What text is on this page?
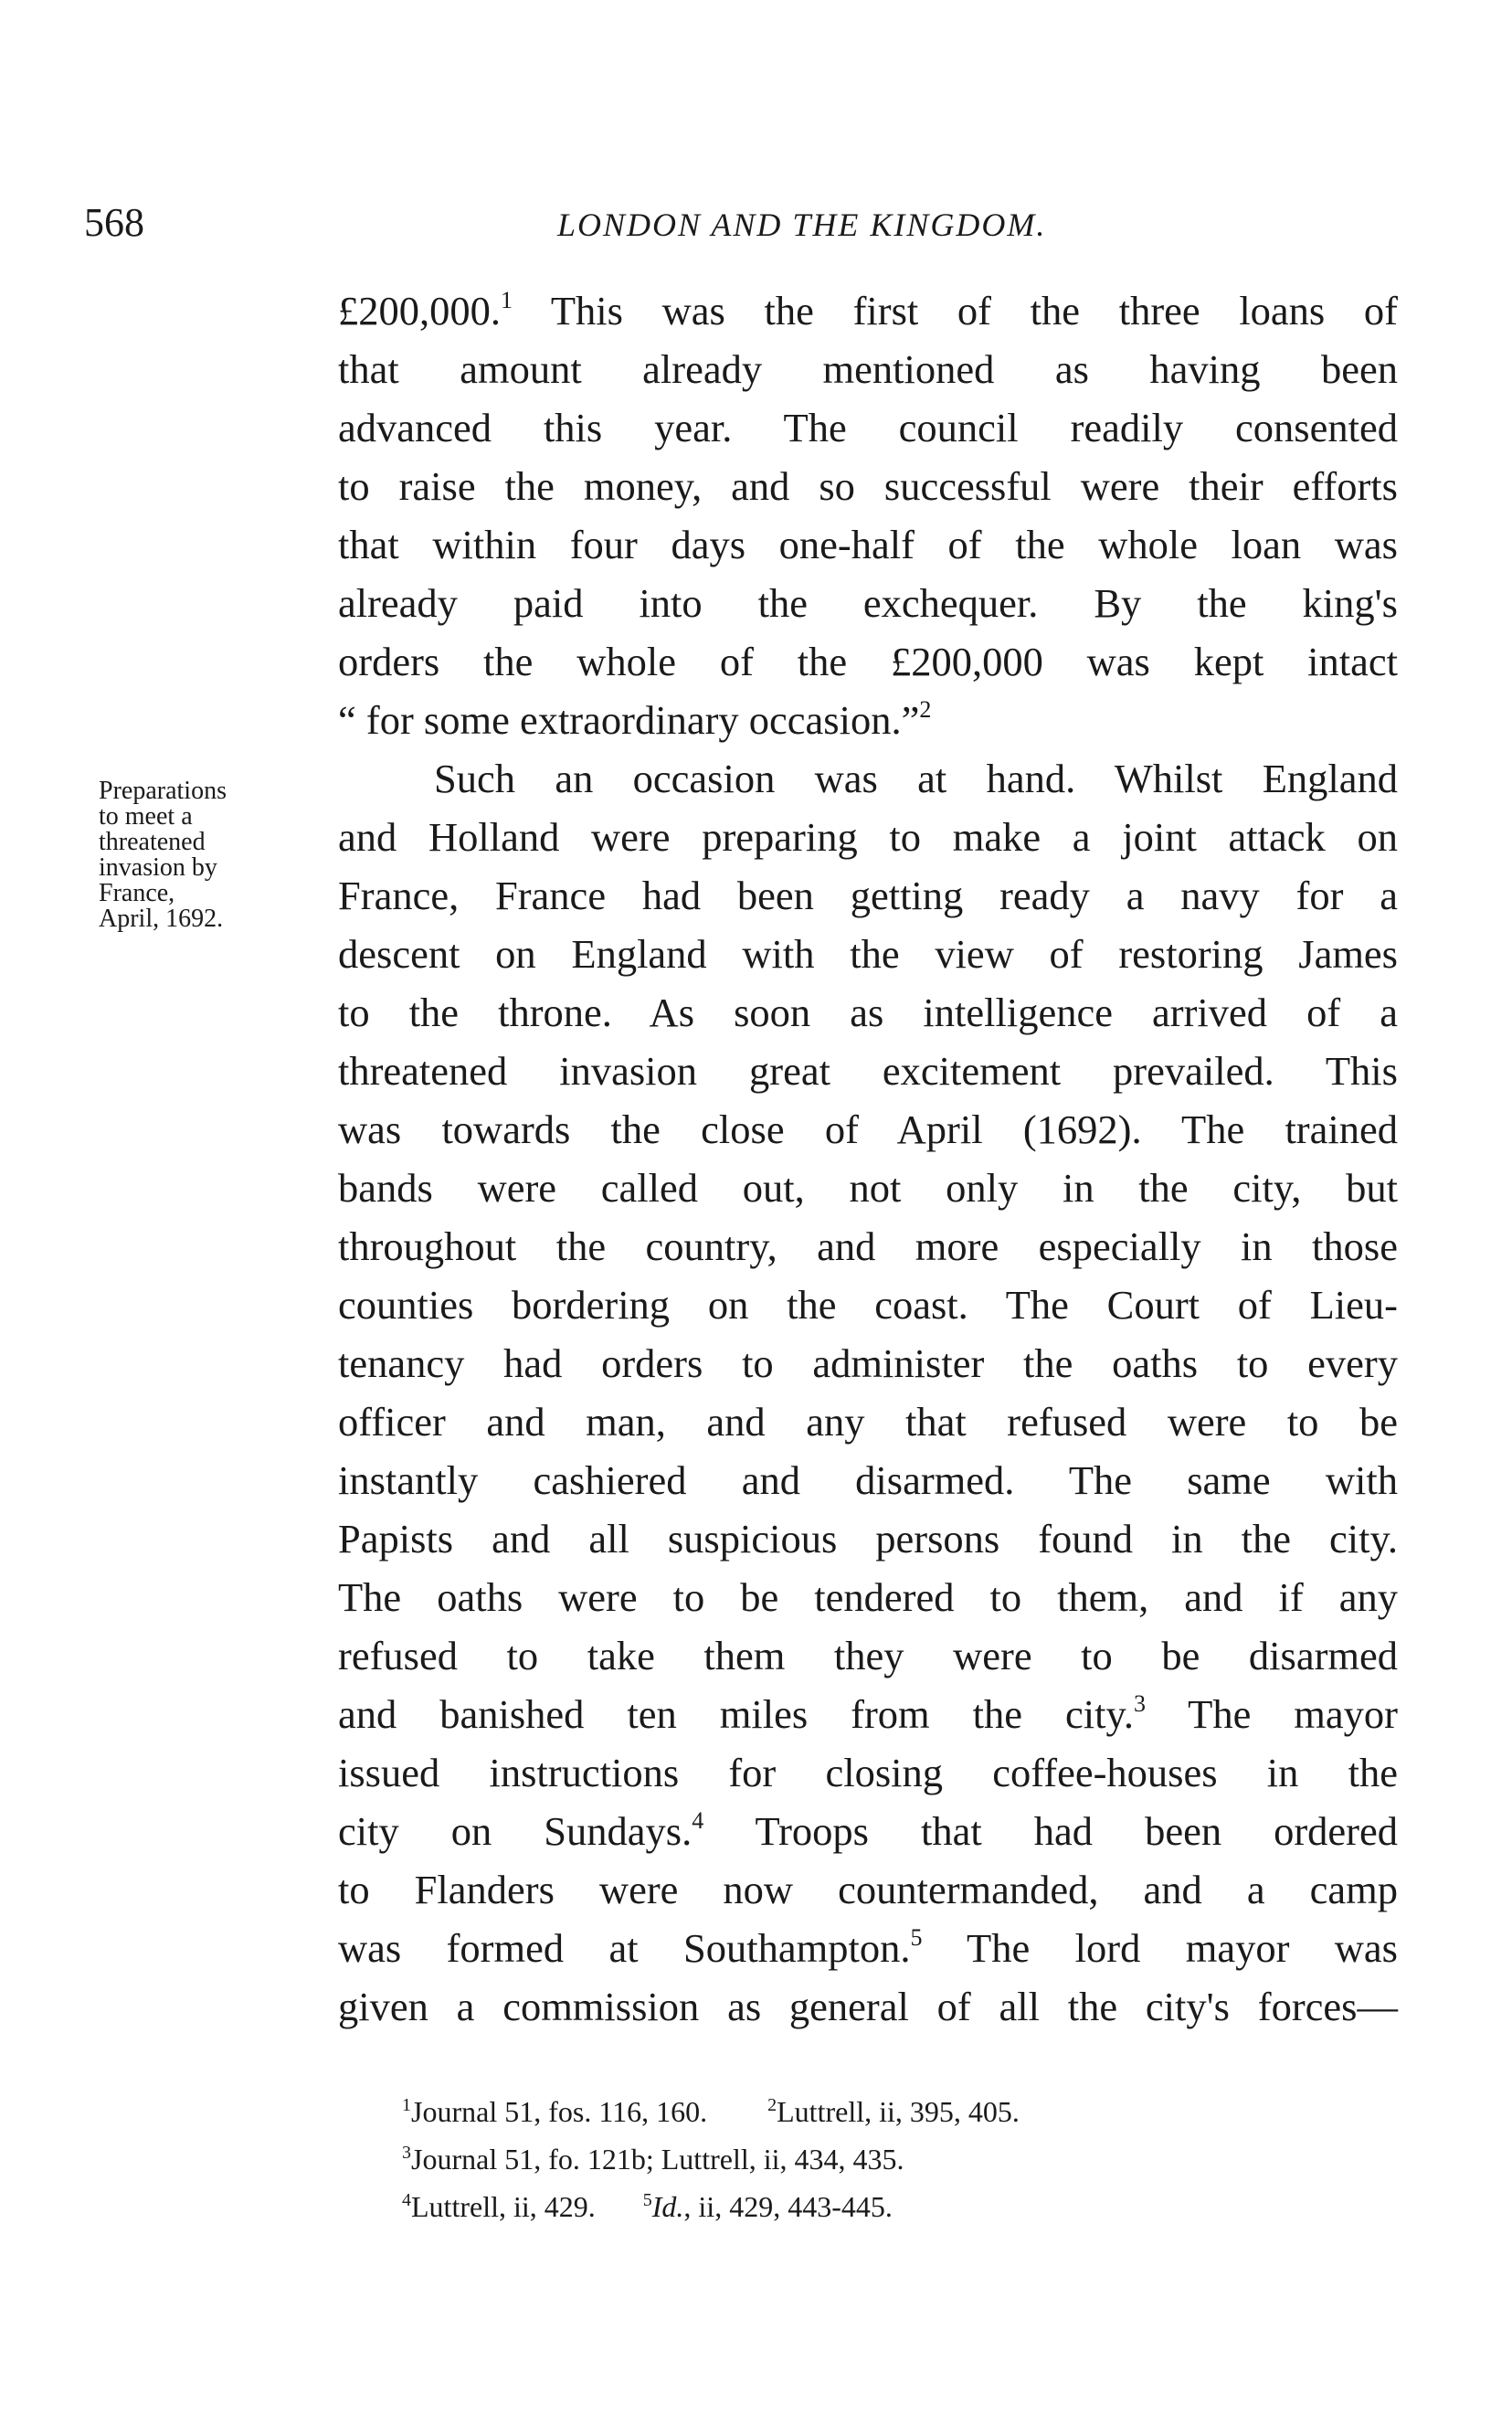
568	LONDON AND THE KINGDOM.
Preparations
to meet a
threatened
invasion by
France,
April, 1692.
£200,000.$^1$ This was the first of the three loans of
that amount already mentioned as having been
advanced this year. The council readily consented
to raise the money, and so successful were their efforts
that within four days one-half of the whole loan was
already paid into the exchequer. By the king's
orders the whole of the £200,000 was kept intact
“ for some extraordinary occasion.”$^2$
Such an occasion was at hand. Whilst England
and Holland were preparing to make a joint attack on
France, France had been getting ready a navy for a
descent on England with the view of restoring James
to the throne. As soon as intelligence arrived of a
threatened invasion great excitement prevailed. This
was towards the close of April (1692). The trained
bands were called out, not only in the city, but
throughout the country, and more especially in those
counties bordering on the coast. The Court of Lieu-
tenancy had orders to administer the oaths to every
officer and man, and any that refused were to be
instantly cashiered and disarmed. The same with
Papists and all suspicious persons found in the city.
The oaths were to be tendered to them, and if any
refused to take them they were to be disarmed
and banished ten miles from the city.$^3$ The mayor
issued instructions for closing coffee-houses in the
city on Sundays.$^4$ Troops that had been ordered
to Flanders were now countermanded, and a camp
was formed at Southampton.$^5$ The lord mayor was
given a commission as general of all the city's forces—
$^1$Journal 51, fos. 116, 160.	$^2$Luttrell, ii, 395, 405.
$^3$Journal 51, fo. 121b; Luttrell, ii, 434, 435.
$^4$Luttrell, ii, 429.	$^5$Id., ii, 429, 443-445.
